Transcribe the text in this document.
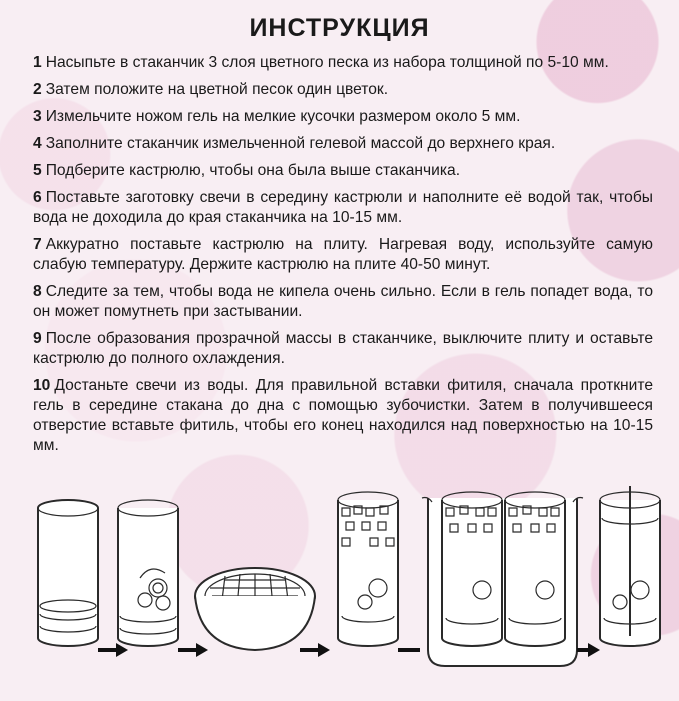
ИНСТРУКЦИЯ
1 Насыпьте в стаканчик 3 слоя цветного песка из набора толщиной по 5-10 мм.
2 Затем положите на цветной песок один цветок.
3 Измельчите ножом гель на мелкие кусочки размером около 5 мм.
4 Заполните стаканчик измельченной гелевой массой до верхнего края.
5 Подберите кастрюлю, чтобы она была выше стаканчика.
6 Поставьте заготовку свечи в середину кастрюли и наполните её водой так, чтобы вода не доходила до края стаканчика на 10-15 мм.
7 Аккуратно поставьте кастрюлю на плиту. Нагревая воду, используйте самую слабую температуру. Держите кастрюлю на плите 40-50 минут.
8 Следите за тем, чтобы вода не кипела очень сильно. Если в гель попадет вода, то он может помутнеть при застывании.
9 После образования прозрачной массы в стаканчике, выключите плиту и оставьте кастрюлю до полного охлаждения.
10 Достаньте свечи из воды. Для правильной вставки фитиля, сначала проткните гель в середине стакана до дна с помощью зубочистки. Затем в получившееся отверстие вставьте фитиль, чтобы его конец находился над поверхностью на 10-15 мм.
